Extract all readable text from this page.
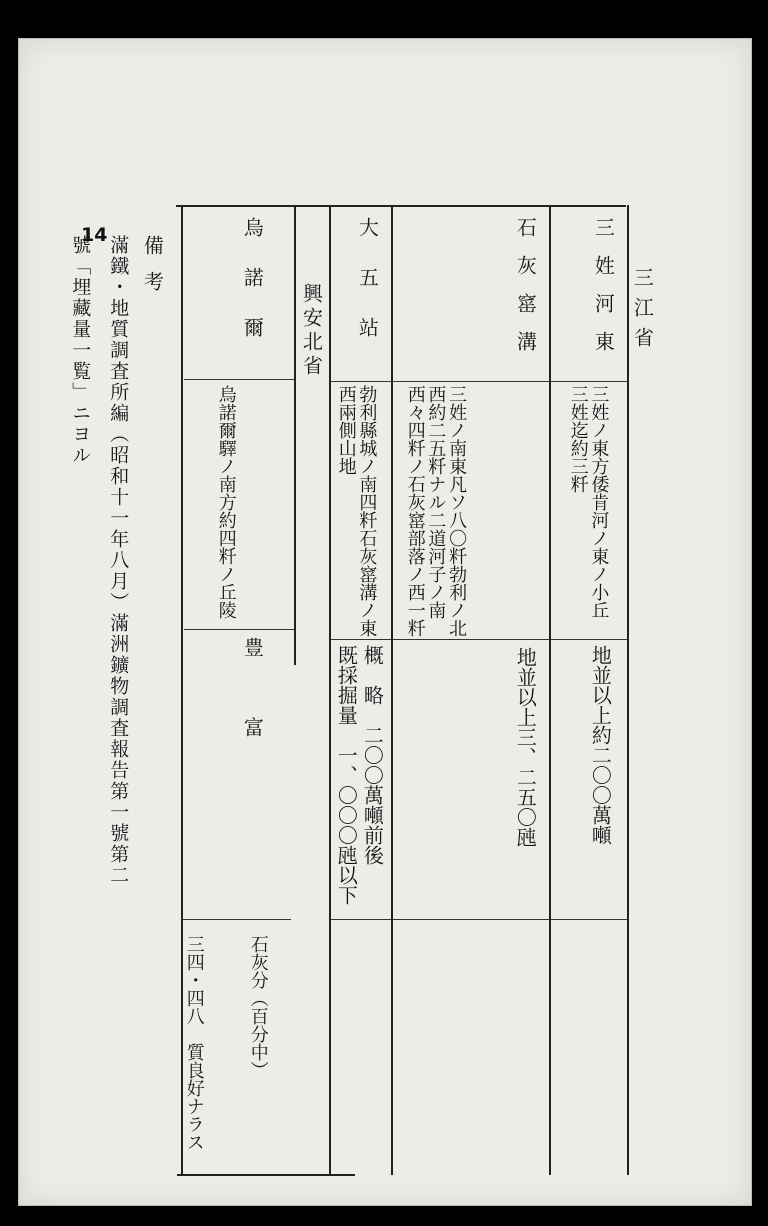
14
三江省
興安北省	三姓河東
三姓ノ東方倭肯河ノ東ノ小丘　三姓迄約三粁
地並以上約二〇〇萬噸
石灰窰溝
三姓ノ南東凡ソ八〇粁勃利ノ北西約二五粁ナル二道河子ノ南西々四粁ノ石灰窰部落ノ西一粁
地並以上三、二五〇瓲
大五站
勃利縣城ノ南四粁石灰窰溝ノ東西兩側山地
概　略　二〇〇萬噸前後
既採掘量　一、〇〇〇瓲以下
烏諾爾
烏諾爾驛ノ南方約四粁ノ丘陵
豊　富
石灰分（百分中）
三四・四八　質良好ナラス
備考
滿鐵・地質調査所編（昭和十一年八月）滿洲鑛物調査報告第一號第二
號「埋藏量一覧」ニヨル
